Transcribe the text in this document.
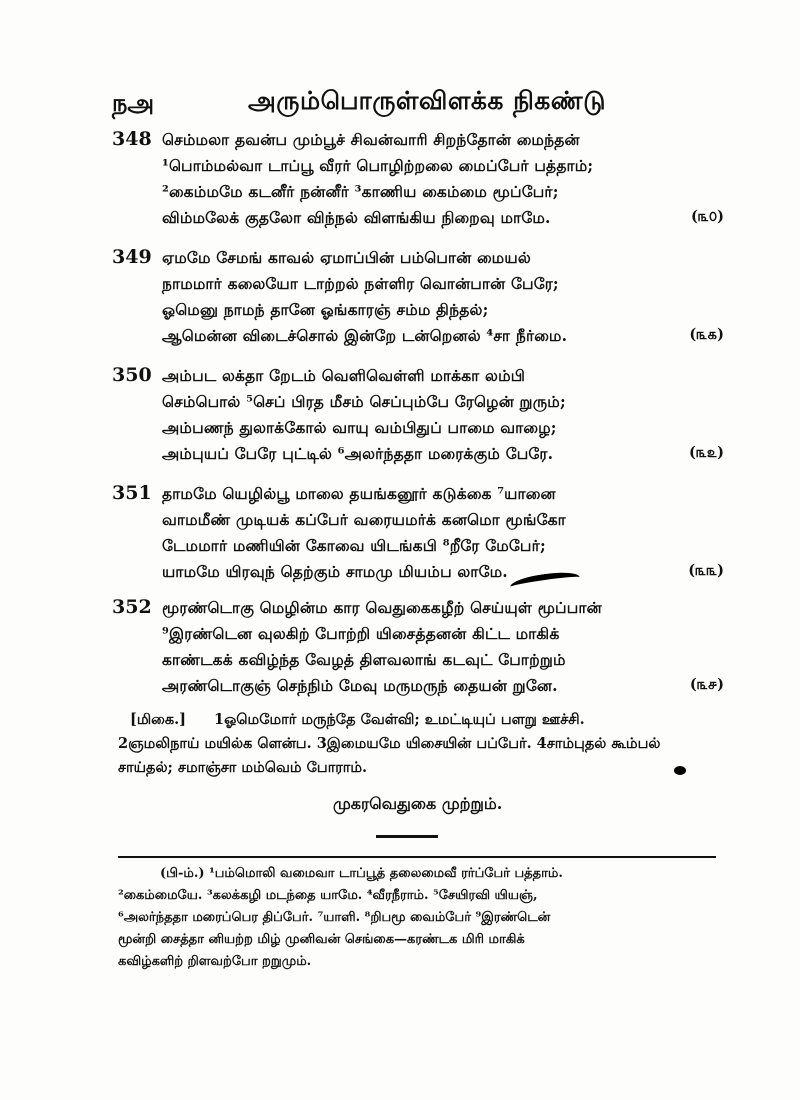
நஅ	அரும்பொருள்விளக்க நிகண்டு
348 செம்மலா தவன்ப மும்பூச் சிவன்வாரி சிறந்தோன் மைந்தன்
¹பொம்மல்வா டாப்பூ வீரர் பொழிற்றலை மைப்பேர் பத்தாம்;
²கைம்மமே கடனீர் நன்னீர் ³காணிய கைம்மை மூப்பேர்;
விம்மலேக் குதலோ விந்நல் விளங்கிய நிறைவு மாமே.	(௩௦)
349 ஏமமே சேமங் காவல் ஏமாப்பின் பம்பொன் மையல்
நாமமார் கலையோ டாற்றல் நள்ளிர வொன்பான் பேரே;
ஓமெனு நாமந் தானே ஓங்காரஞ் சம்ம திந்தல்;
ஆமென்ன விடைச்சொல் இன்றே டன்றெனல் ⁴சா நீர்மை.	(௩௧)
350 அம்பட லக்தா றேடம் வெளிவெள்ளி மாக்கா லம்பி
செம்பொல் ⁵செப் பிரத மீசம் செப்பும்பே ரேழென் றுரும்;
அம்பணந் துலாக்கோல் வாயு வம்பிதுப் பாமை வாழை;
அம்புயப் பேரே புட்டில் ⁶அலர்ந்ததா மரைக்கும் பேரே.	(௩௨)
351 தாமமே யெழில்பூ மாலை தயங்கனூர் கடுக்கை ⁷யானை
வாமமீண் முடியக் கப்பேர் வரையமர்க் கனமொ மூங்கோ
டேமமார் மணியின் கோவை யிடங்கபி ⁸றீரே மேபேர்;
யாமமே யிரவுந் தெற்கும் சாமமு மியம்ப லாமே.	(௩௩)
352 மூரண்டொகு மெழின்ம கார வெதுகைகழீற் செய்யுள் மூப்பான்
⁹இரண்டென வுலகிற் போற்றி யிசைத்தனன் கிட்ட மாகிக்
காண்டகக் கவிழ்ந்த வேழத் திளவலாங் கடவுட் போற்றும்
அரண்டொகுஞ் செந்நிம் மேவு மருமருந் தையன் றுனே.	(௩௪)
[மிகை.] 1ஓமெமோர் மருந்தே வேள்வி; உமட்டியுப் பளறு ஊச்சி.
2ஞமலிநாய் மயில்க ளென்ப. 3இமையமே யிசையின் பப்பேர். 4சாம்புதல் கூம்பல்
சாய்தல்; சமாஞ்சா மம்வெம் போராம்.
முகரவெதுகை முற்றும்.
(பி-ம்.) ¹பம்மொலி வமைவா டாப்பூத் தலைமைவீ ரர்ப்பேர் பத்தாம்.
²கைம்மையே. ³கலக்கழி மடந்தை யாமே. ⁴வீரநீராம். ⁵சேயிரவி யியஞ்,
⁶அலர்ந்ததா மரைப்பெர திப்பேர். ⁷யாளி. ⁸றிபமூ வைம்பேர் ⁹இரண்டென்
மூன்றி சைத்தா னியற்ற மிழ் முனிவன் செங்கை—கரண்டக மிரி மாகிக்
கவிழ்களிற் றிளவற்போ றறுமும்.
